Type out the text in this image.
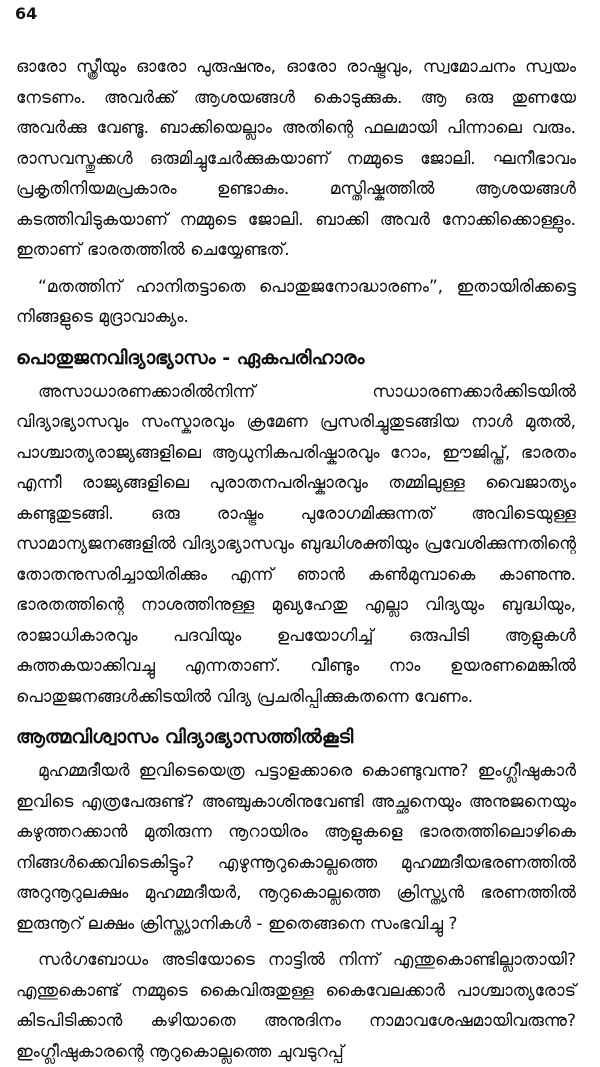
64

ഓരോ സ്ത്രീയും ഓരോ പുരുഷനും, ഓരോ രാഷ്ട്രവും, സ്വമോചനം സ്വയം നേടണം. അവർക്ക് ആശയങ്ങൾ കൊടുക്കുക. ആ ഒരു തുണയേ അവർക്കു വേണ്ടൂ. ബാക്കിയെല്ലാം അതിന്റെ ഫലമായി പിന്നാലെ വരും. രാസവസ്തുക്കൾ ഒരുമിച്ചുചേർക്കുകയാണ് നമ്മുടെ ജോലി. ഘനീഭാവം പ്രകൃതിനിയമപ്രകാരം ഉണ്ടാകും. മസ്തിഷ്കത്തിൽ ആശയങ്ങൾ കടത്തിവിടുകയാണ് നമ്മുടെ ജോലി. ബാക്കി അവർ നോക്കിക്കൊള്ളും. ഇതാണ് ഭാരതത്തിൽ ചെയ്യേണ്ടത്.

“മതത്തിന് ഹാനിതട്ടാതെ പൊതുജനോദ്ധാരണം”, ഇതായിരിക്കട്ടെ നിങ്ങളുടെ മുദ്രാവാക്യം.

പൊതുജനവിദ്യാഭ്യാസം - ഏകപരിഹാരം

അസാധാരണക്കാരിൽനിന്ന് സാധാരണക്കാർക്കിടയിൽ വിദ്യാഭ്യാസവും സംസ്കാരവും ക്രമേണ പ്രസരിച്ചുതുടങ്ങിയ നാൾ മുതൽ, പാശ്ചാത്യരാജ്യങ്ങളിലെ ആധുനികപരിഷ്കാരവും റോം, ഈജിപ്ത്, ഭാരതം എന്നീ രാജ്യങ്ങളിലെ പുരാതനപരിഷ്കാരവും തമ്മിലുള്ള വൈജാത്യം കണ്ടുതുടങ്ങി. ഒരു രാഷ്ട്രം പുരോഗമിക്കുന്നത് അവിടെയുള്ള സാമാന്യജനങ്ങളിൽ വിദ്യാഭ്യാസവും ബുദ്ധിശക്തിയും പ്രവേശിക്കുന്നതിന്റെ തോതനുസരിച്ചായിരിക്കും എന്ന് ഞാൻ കൺമുമ്പാകെ കാണുന്നു. ഭാരതത്തിന്റെ നാശത്തിനുള്ള മുഖ്യഹേതു എല്ലാ വിദ്യയും ബുദ്ധിയും, രാജാധികാരവും പദവിയും ഉപയോഗിച്ച് ഒരുപിടി ആളുകൾ കുത്തകയാക്കിവച്ചു എന്നതാണ്. വീണ്ടും നാം ഉയരണമെങ്കിൽ പൊതുജനങ്ങൾക്കിടയിൽ വിദ്യ പ്രചരിപ്പിക്കുകതന്നെ വേണം.

ആത്മവിശ്വാസം വിദ്യാഭ്യാസത്തിൽകൂടി

മുഹമ്മദീയർ ഇവിടെയെത്ര പട്ടാളക്കാരെ കൊണ്ടുവന്നു? ഇംഗ്ലീഷുകാർ ഇവിടെ എത്രപേരുണ്ട്? അഞ്ചുകാശിനുവേണ്ടി അച്ഛനെയും അനുജനെയും കഴുത്തറക്കാൻ മുതിരുന്ന നൂറായിരം ആളുകളെ ഭാരതത്തിലൊഴികെ നിങ്ങൾക്കെവിടെകിട്ടും? എഴുന്നൂറുകൊല്ലത്തെ മുഹമ്മദീയഭരണത്തിൽ അറുനൂറുലക്ഷം മുഹമ്മദീയർ, നൂറുകൊല്ലത്തെ ക്രിസ്ത്യൻ ഭരണത്തിൽ ഇരുനൂറ് ലക്ഷം ക്രിസ്ത്യാനികൾ - ഇതെങ്ങനെ സംഭവിച്ചു ?

സർഗബോധം അടിയോടെ നാട്ടിൽ നിന്ന് എന്തുകൊണ്ടില്ലാതായി? എന്തുകൊണ്ട് നമ്മുടെ കൈവിരുതുള്ള കൈവേലക്കാർ പാശ്ചാത്യരോട് കിടപിടിക്കാൻ കഴിയാതെ അനുദിനം നാമാവശേഷമായിവരുന്നു? ഇംഗ്ലീഷുകാരന്റെ നൂറുകൊല്ലത്തെ ചുവടുറപ്പ്
